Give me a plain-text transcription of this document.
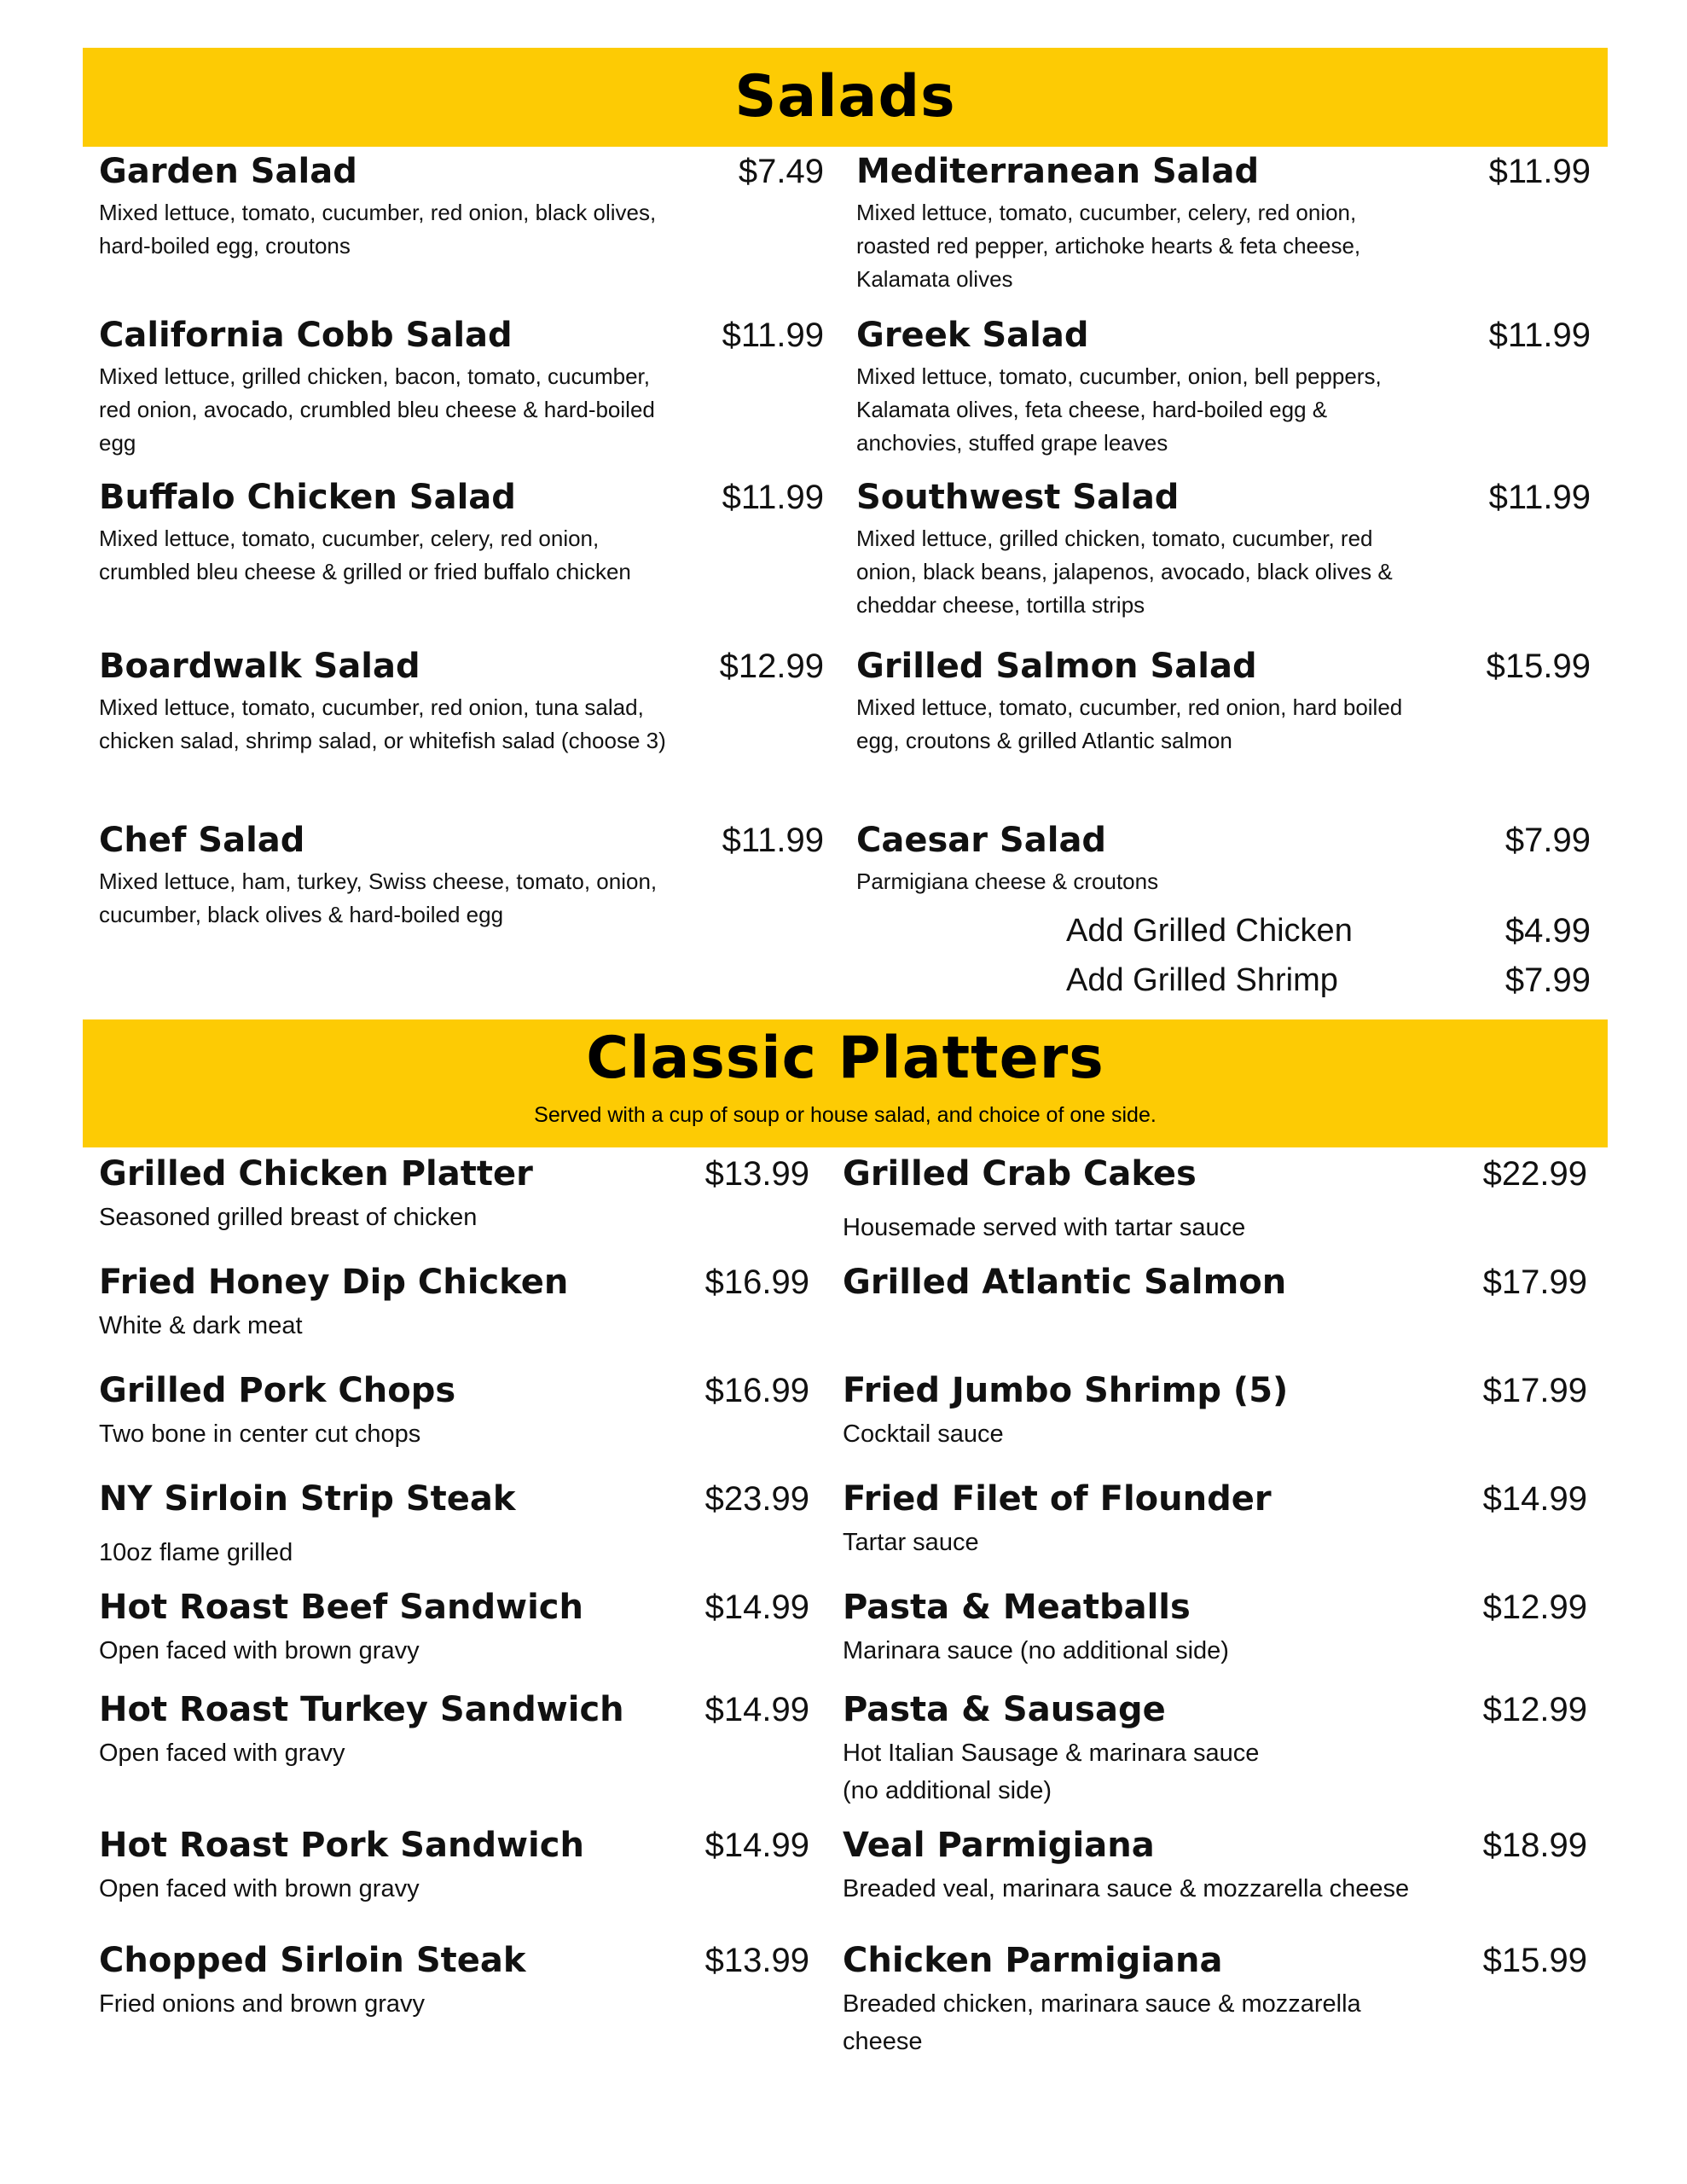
Salads
Garden Salad	$7.49
Mixed lettuce, tomato, cucumber, red onion, black olives, hard-boiled egg, croutons
Mediterranean Salad	$11.99
Mixed lettuce, tomato, cucumber, celery, red onion, roasted red pepper, artichoke hearts & feta cheese, Kalamata olives
California Cobb Salad	$11.99
Mixed lettuce, grilled chicken, bacon, tomato, cucumber, red onion, avocado, crumbled bleu cheese & hard-boiled egg
Greek Salad	$11.99
Mixed lettuce, tomato, cucumber, onion, bell peppers, Kalamata olives, feta cheese, hard-boiled egg & anchovies, stuffed grape leaves
Buffalo Chicken Salad	$11.99
Mixed lettuce, tomato, cucumber, celery, red onion, crumbled bleu cheese & grilled or fried buffalo chicken
Southwest Salad	$11.99
Mixed lettuce, grilled chicken, tomato, cucumber, red onion, black beans, jalapenos, avocado, black olives & cheddar cheese, tortilla strips
Boardwalk Salad	$12.99
Mixed lettuce, tomato, cucumber, red onion, tuna salad, chicken salad, shrimp salad, or whitefish salad (choose 3)
Grilled Salmon Salad	$15.99
Mixed lettuce, tomato, cucumber, red onion, hard boiled egg, croutons & grilled Atlantic salmon
Chef Salad	$11.99
Mixed lettuce, ham, turkey, Swiss cheese, tomato, onion, cucumber, black olives & hard-boiled egg
Caesar Salad	$7.99
Parmigiana cheese & croutons
Add Grilled Chicken	$4.99
Add Grilled Shrimp	$7.99
Classic Platters
Served with a cup of soup or house salad, and choice of one side.
Grilled Chicken Platter	$13.99
Seasoned grilled breast of chicken
Grilled Crab Cakes	$22.99
Housemade served with tartar sauce
Fried Honey Dip Chicken	$16.99
White & dark meat
Grilled Atlantic Salmon	$17.99
Grilled Pork Chops	$16.99
Two bone in center cut chops
Fried Jumbo Shrimp (5)	$17.99
Cocktail sauce
NY Sirloin Strip Steak	$23.99
10oz flame grilled
Fried Filet of Flounder	$14.99
Tartar sauce
Hot Roast Beef Sandwich	$14.99
Open faced with brown gravy
Pasta & Meatballs	$12.99
Marinara sauce (no additional side)
Hot Roast Turkey Sandwich $14.99
Open faced with gravy
Pasta & Sausage	$12.99
Hot Italian Sausage & marinara sauce (no additional side)
Hot Roast Pork Sandwich	$14.99
Open faced with brown gravy
Veal Parmigiana	$18.99
Breaded veal, marinara sauce & mozzarella cheese
Chopped Sirloin Steak	$13.99
Fried onions and brown gravy
Chicken Parmigiana	$15.99
Breaded chicken, marinara sauce & mozzarella cheese
